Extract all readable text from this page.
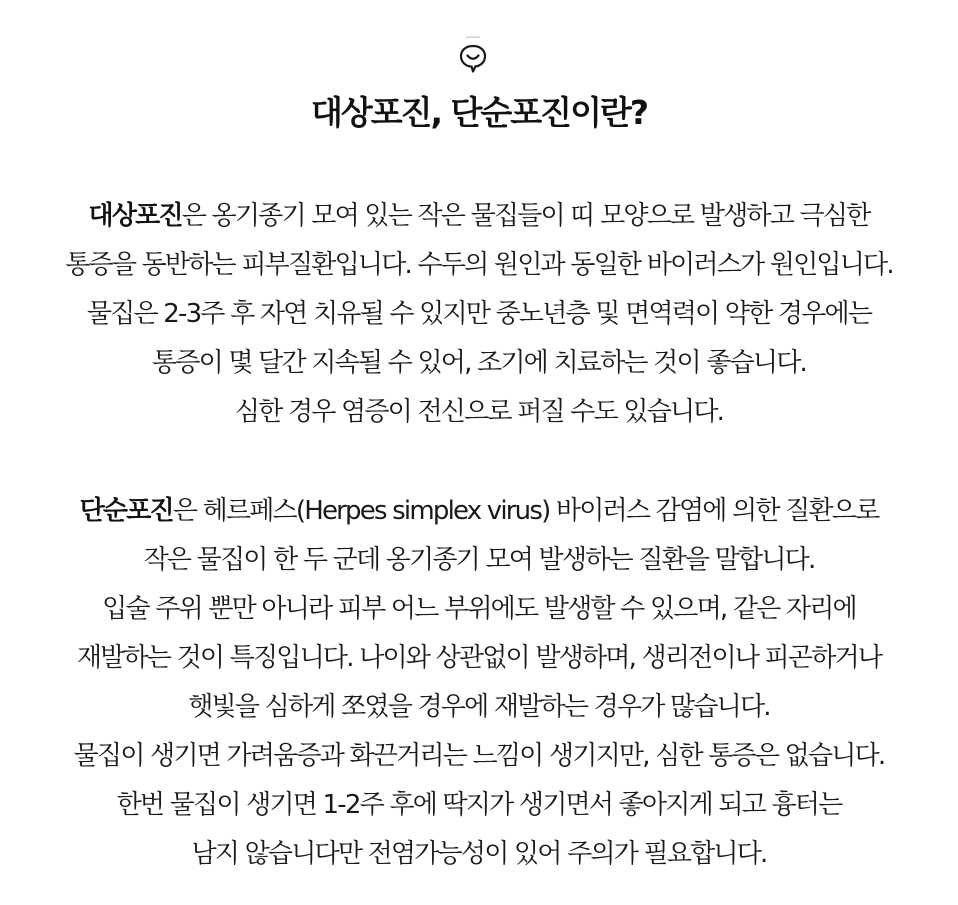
ccccccccc
대상포진, 단순포진이란?
대상포진은 옹기종기 모여 있는 작은 물집들이 띠 모양으로 발생하고 극심한
통증을 동반하는 피부질환입니다. 수두의 원인과 동일한 바이러스가 원인입니다.
물집은 2-3주 후 자연 치유될 수 있지만 중노년층 및 면역력이 약한 경우에는
통증이 몇 달간 지속될 수 있어, 조기에 치료하는 것이 좋습니다.
심한 경우 염증이 전신으로 퍼질 수도 있습니다.
단순포진은 헤르페스(Herpes simplex virus) 바이러스 감염에 의한 질환으로
작은 물집이 한 두 군데 옹기종기 모여 발생하는 질환을 말합니다.
입술 주위 뿐만 아니라 피부 어느 부위에도 발생할 수 있으며, 같은 자리에
재발하는 것이 특징입니다. 나이와 상관없이 발생하며, 생리전이나 피곤하거나
햇빛을 심하게 쪼였을 경우에 재발하는 경우가 많습니다.
물집이 생기면 가려움증과 화끈거리는 느낌이 생기지만, 심한 통증은 없습니다.
한번 물집이 생기면 1-2주 후에 딱지가 생기면서 좋아지게 되고 흉터는
남지 않습니다만 전염가능성이 있어 주의가 필요합니다.
